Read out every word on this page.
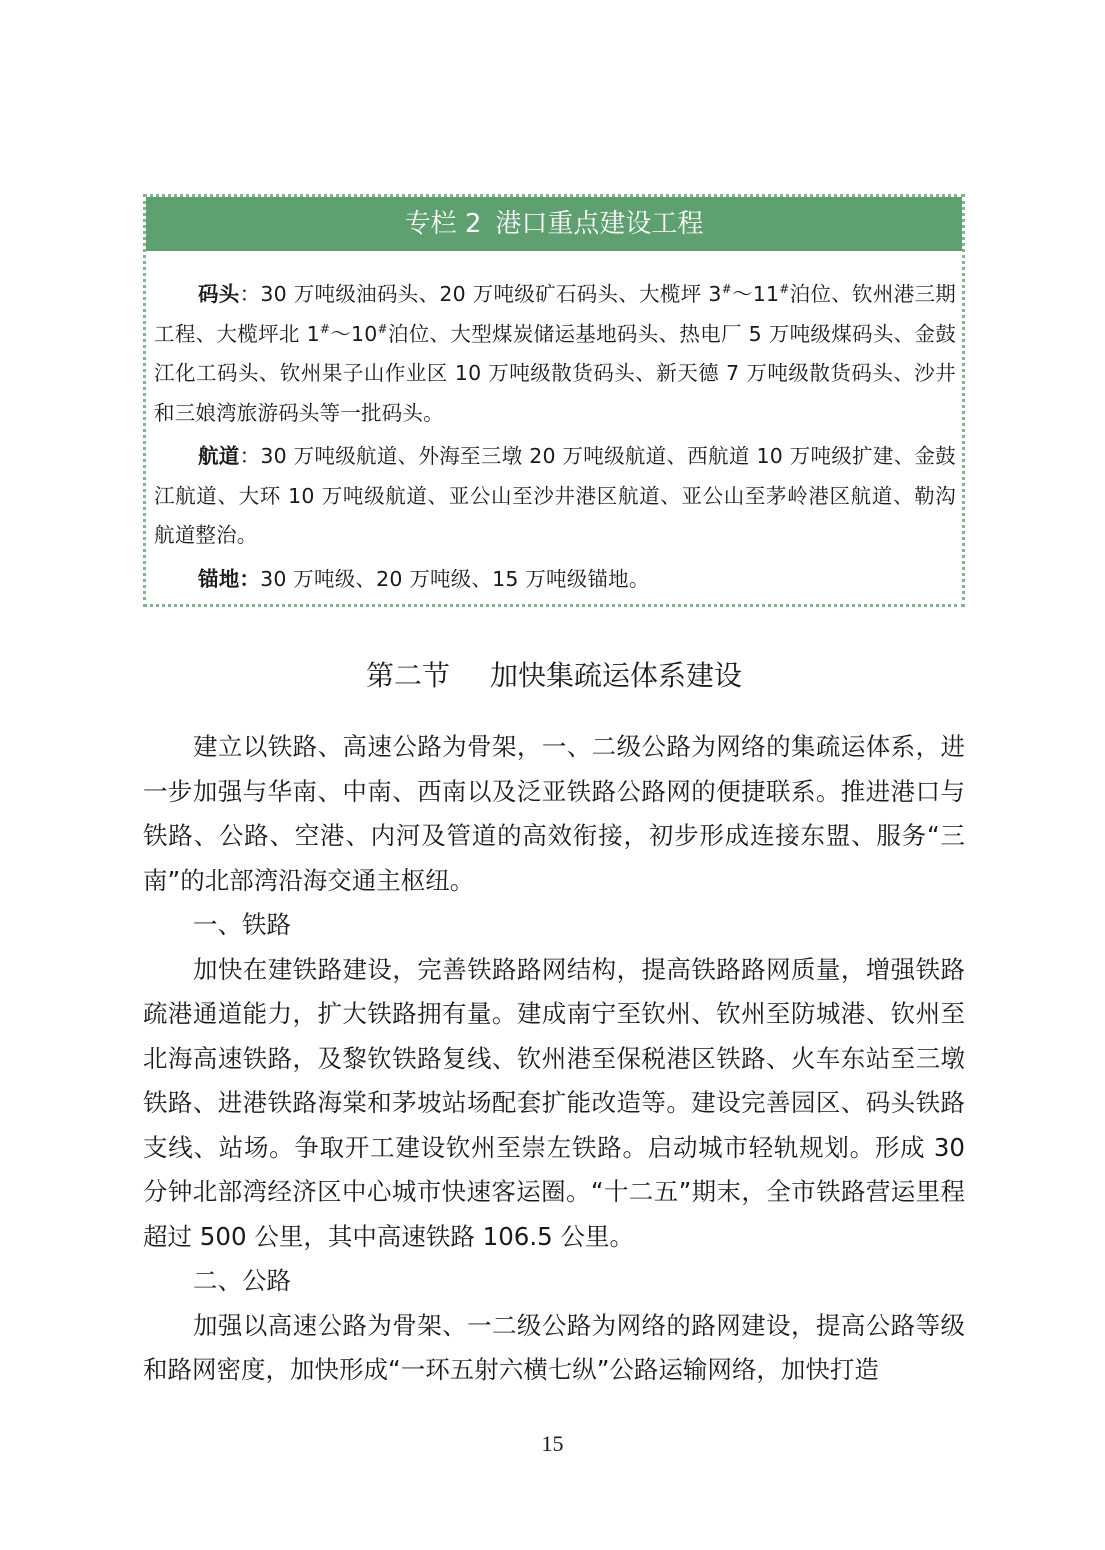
专栏 2 港口重点建设工程

码头：30 万吨级油码头、20 万吨级矿石码头、大榄坪 3#～11#泊位、钦州港三期工程、大榄坪北 1#～10#泊位、大型煤炭储运基地码头、热电厂 5 万吨级煤码头、金鼓江化工码头、钦州果子山作业区 10 万吨级散货码头、新天德 7 万吨级散货码头、沙井和三娘湾旅游码头等一批码头。

航道：30 万吨级航道、外海至三墩 20 万吨级航道、西航道 10 万吨级扩建、金鼓江航道、大环 10 万吨级航道、亚公山至沙井港区航道、亚公山至茅岭港区航道、勒沟航道整治。

锚地：30 万吨级、20 万吨级、15 万吨级锚地。

第二节 加快集疏运体系建设

建立以铁路、高速公路为骨架，一、二级公路为网络的集疏运体系，进一步加强与华南、中南、西南以及泛亚铁路公路网的便捷联系。推进港口与铁路、公路、空港、内河及管道的高效衔接，初步形成连接东盟、服务“三南”的北部湾沿海交通主枢纽。

一、铁路

加快在建铁路建设，完善铁路路网结构，提高铁路路网质量，增强铁路疏港通道能力，扩大铁路拥有量。建成南宁至钦州、钦州至防城港、钦州至北海高速铁路，及黎钦铁路复线、钦州港至保税港区铁路、火车东站至三墩铁路、进港铁路海棠和茅坡站场配套扩能改造等。建设完善园区、码头铁路支线、站场。争取开工建设钦州至崇左铁路。启动城市轻轨规划。形成 30 分钟北部湾经济区中心城市快速客运圈。“十二五”期末，全市铁路营运里程超过 500 公里，其中高速铁路 106.5 公里。

二、公路

加强以高速公路为骨架、一二级公路为网络的路网建设，提高公路等级和路网密度，加快形成“一环五射六横七纵”公路运输网络，加快打造

15
